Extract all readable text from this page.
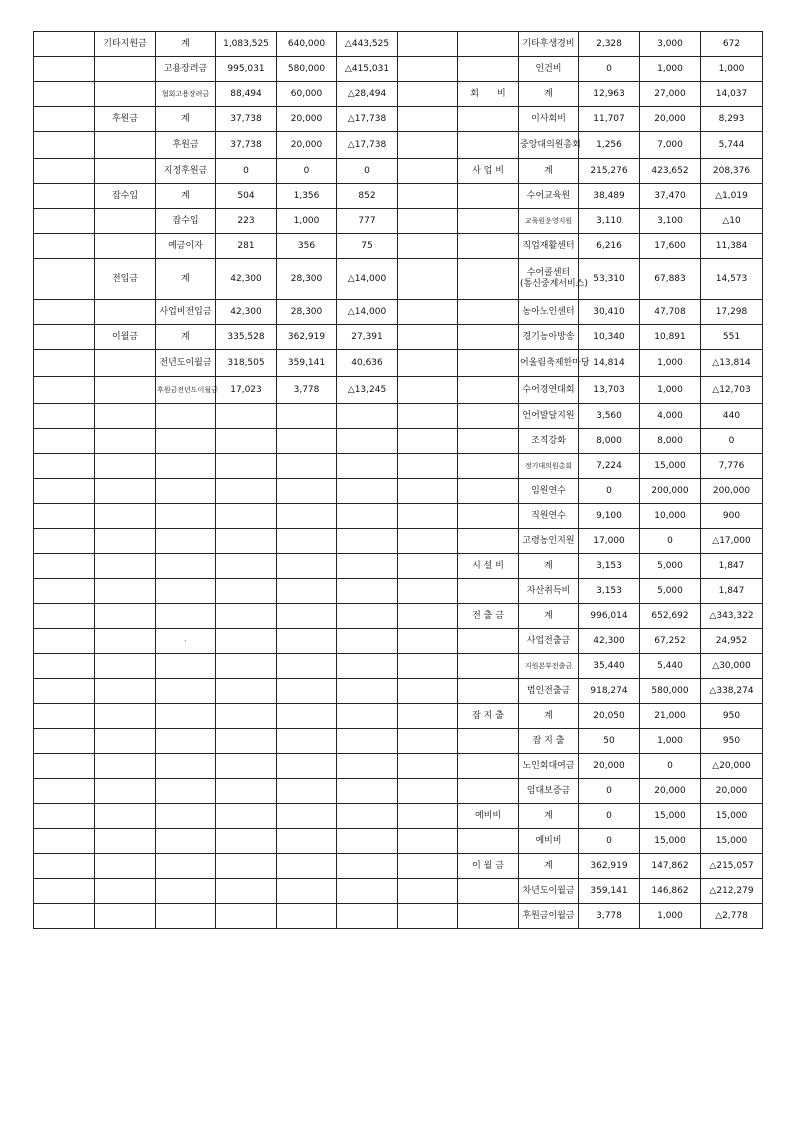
	기타지원금	계	1,083,525	640,000	△443,525			기타후생경비	2,328	3,000	672
		고용장려금	995,031	580,000	△415,031			인건비	0	1,000	1,000
		협회고용장려금	88,494	60,000	△28,494		회　　비	계	12,963	27,000	14,037
	후원금	계	37,738	20,000	△17,738			이사회비	11,707	20,000	8,293
		후원금	37,738	20,000	△17,738			중앙대의원총회	1,256	7,000	5,744
		지정후원금	0	0	0		사 업 비	계	215,276	423,652	208,376
	잡수입	계	504	1,356	852			수어교육원	38,489	37,470	△1,019
		잡수입	223	1,000	777			교육원운영지원	3,110	3,100	△10
		예금이자	281	356	75			직업재활센터	6,216	17,600	11,384
	전입금	계	42,300	28,300	△14,000			수어콜센터(통신중계서비스)	53,310	67,883	14,573
		사업비전입금	42,300	28,300	△14,000			농아노인센터	30,410	47,708	17,298
	이월금	계	335,528	362,919	27,391			경기농아방송	10,340	10,891	551
		전년도이월금	318,505	359,141	40,636			어울림축제한마당	14,814	1,000	△13,814
		후원금전년도이월금	17,023	3,778	△13,245			수어경연대회	13,703	1,000	△12,703
								언어발달지원	3,560	4,000	440
								조직강화	8,000	8,000	0
								정기대의원총회	7,224	15,000	7,776
								임원연수	0	200,000	200,000
								직원연수	9,100	10,000	900
								고령농인지원	17,000	0	△17,000
							시 설 비	계	3,153	5,000	1,847
								자산취득비	3,153	5,000	1,847
							전 출 금	계	996,014	652,692	△343,322
								사업전출금	42,300	67,252	24,952
								지원본부전출금	35,440	5,440	△30,000
								법인전출금	918,274	580,000	△338,274
							잡 지 출	계	20,050	21,000	950
								잡 지 출	50	1,000	950
								노인회대여금	20,000	0	△20,000
								임대보증금	0	20,000	20,000
							예비비	계	0	15,000	15,000
								예비비	0	15,000	15,000
							이 월 금	계	362,919	147,862	△215,057
								차년도이월금	359,141	146,862	△212,279
								후원금이월금	3,778	1,000	△2,778
`
